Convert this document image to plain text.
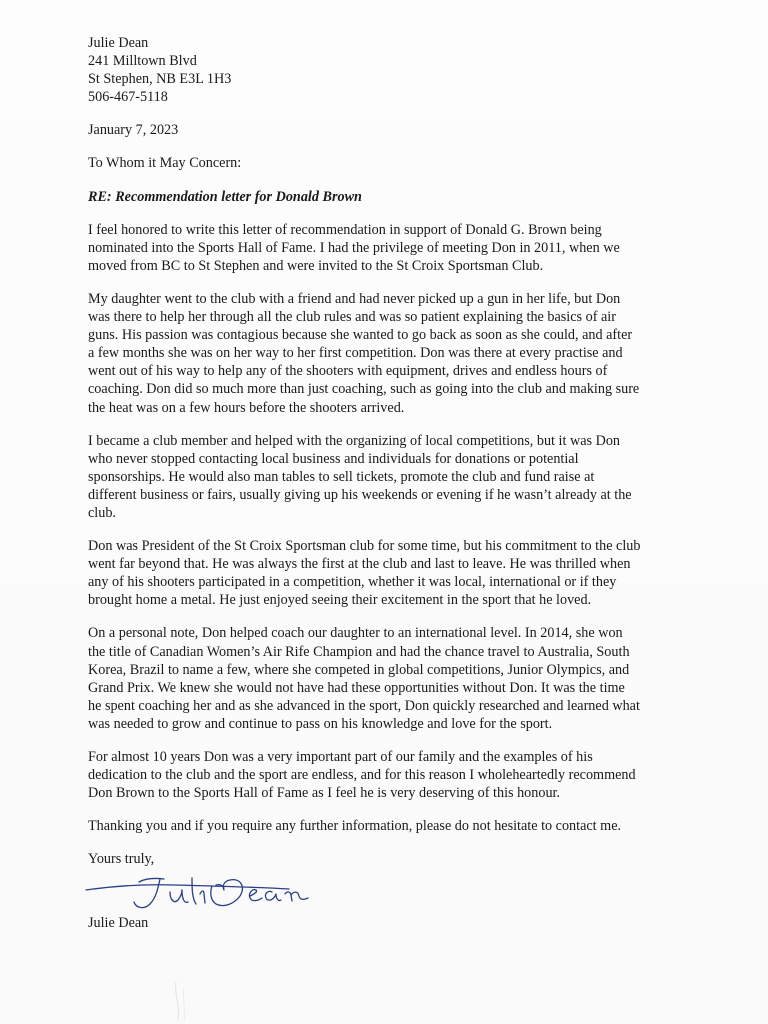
Julie Dean
241 Milltown Blvd
St Stephen, NB E3L 1H3
506-467-5118
January 7, 2023
To Whom it May Concern:
RE: Recommendation letter for Donald Brown
I feel honored to write this letter of recommendation in support of Donald G. Brown being
nominated into the Sports Hall of Fame. I had the privilege of meeting Don in 2011, when we
moved from BC to St Stephen and were invited to the St Croix Sportsman Club.
My daughter went to the club with a friend and had never picked up a gun in her life, but Don
was there to help her through all the club rules and was so patient explaining the basics of air
guns. His passion was contagious because she wanted to go back as soon as she could, and after
a few months she was on her way to her first competition. Don was there at every practise and
went out of his way to help any of the shooters with equipment, drives and endless hours of
coaching. Don did so much more than just coaching, such as going into the club and making sure
the heat was on a few hours before the shooters arrived.
I became a club member and helped with the organizing of local competitions, but it was Don
who never stopped contacting local business and individuals for donations or potential
sponsorships. He would also man tables to sell tickets, promote the club and fund raise at
different business or fairs, usually giving up his weekends or evening if he wasn’t already at the
club.
Don was President of the St Croix Sportsman club for some time, but his commitment to the club
went far beyond that. He was always the first at the club and last to leave. He was thrilled when
any of his shooters participated in a competition, whether it was local, international or if they
brought home a metal. He just enjoyed seeing their excitement in the sport that he loved.
On a personal note, Don helped coach our daughter to an international level. In 2014, she won
the title of Canadian Women’s Air Rife Champion and had the chance travel to Australia, South
Korea, Brazil to name a few, where she competed in global competitions, Junior Olympics, and
Grand Prix. We knew she would not have had these opportunities without Don. It was the time
he spent coaching her and as she advanced in the sport, Don quickly researched and learned what
was needed to grow and continue to pass on his knowledge and love for the sport.
For almost 10 years Don was a very important part of our family and the examples of his
dedication to the club and the sport are endless, and for this reason I wholeheartedly recommend
Don Brown to the Sports Hall of Fame as I feel he is very deserving of this honour.
Thanking you and if you require any further information, please do not hesitate to contact me.
Yours truly,
Julie Dean
